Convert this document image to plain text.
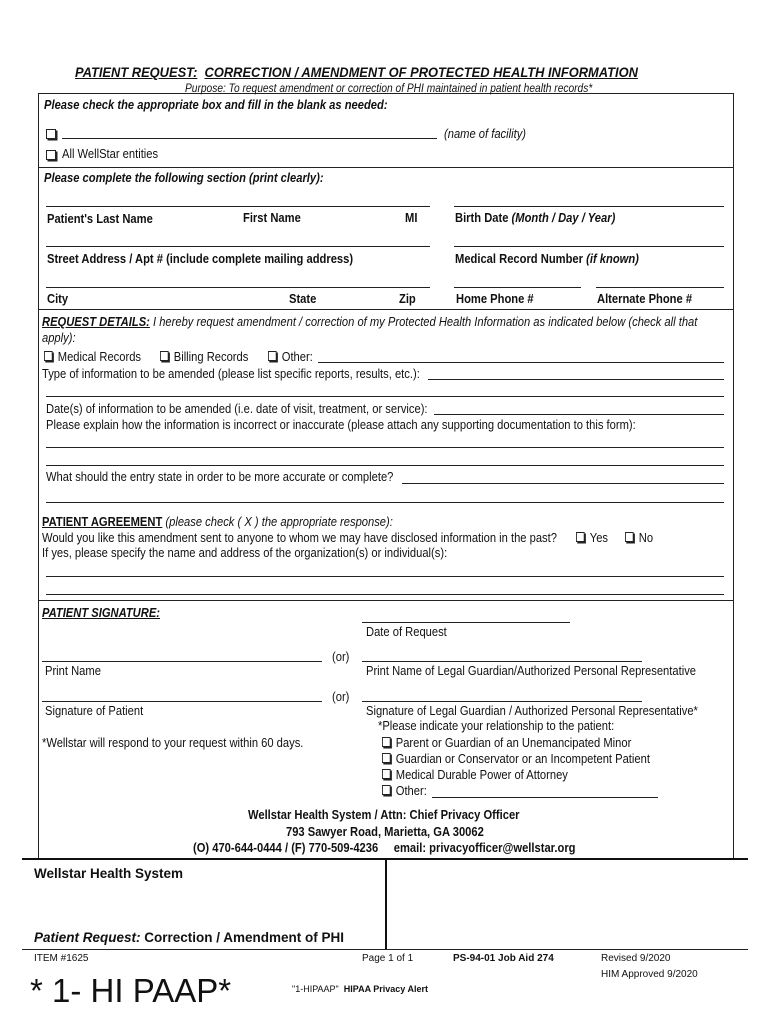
PATIENT REQUEST: CORRECTION / AMENDMENT OF PROTECTED HEALTH INFORMATION
Purpose: To request amendment or correction of PHI maintained in patient health records*
Please check the appropriate box and fill in the blank as needed:
(name of facility)
All WellStar entities
Please complete the following section (print clearly):
Patient's Last Name	First Name	MI	Birth Date (Month / Day / Year)
Street Address / Apt # (include complete mailing address)	Medical Record Number (if known)
City	State	Zip	Home Phone #	Alternate Phone #
REQUEST DETAILS: I hereby request amendment / correction of my Protected Health Information as indicated below (check all that
apply):
Medical Records	Billing Records	Other:
Type of information to be amended (please list specific reports, results, etc.):
Date(s) of information to be amended (i.e. date of visit, treatment, or service):
Please explain how the information is incorrect or inaccurate (please attach any supporting documentation to this form):
What should the entry state in order to be more accurate or complete?
PATIENT AGREEMENT (please check ( X ) the appropriate response):
Would you like this amendment sent to anyone to whom we may have disclosed information in the past?	Yes	No
If yes, please specify the name and address of the organization(s) or individual(s):
PATIENT SIGNATURE:
Date of Request
(or)
Print Name	Print Name of Legal Guardian/Authorized Personal Representative
(or)
Signature of Patient	Signature of Legal Guardian / Authorized Personal Representative*
*Please indicate your relationship to the patient:
*Wellstar will respond to your request within 60 days.	Parent or Guardian of an Unemancipated Minor
Guardian or Conservator or an Incompetent Patient
Medical Durable Power of Attorney
Other:
Wellstar Health System / Attn: Chief Privacy Officer
793 Sawyer Road, Marietta, GA 30062
(O) 470-644-0444 / (F) 770-509-4236     email: privacyofficer@wellstar.org
Wellstar Health System
Patient Request: Correction / Amendment of PHI
ITEM #1625	Page 1 of 1	PS-94-01 Job Aid 274	Revised 9/2020
HIM Approved 9/2020
* 1- HI PAAP*	"1-HIPAAP" HIPAA Privacy Alert
